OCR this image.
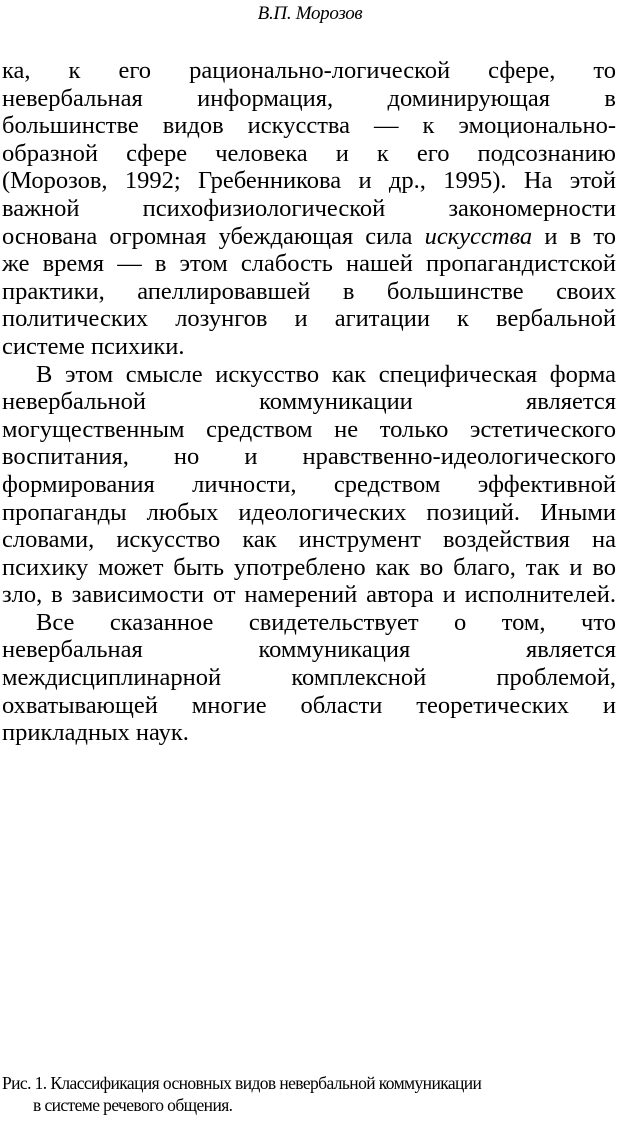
В.П. Морозов
ка, к его рационально-логической сфере, то
невербальная информация, доминирующая в
большинстве видов искусства — к эмоционально-
образной сфере человека и к его подсознанию
(Морозов, 1992; Гребенникова и др., 1995). На этой
важной психофизиологической закономерности
основана огромная убеждающая сила искусства и в то
же время — в этом слабость нашей пропагандистской
практики, апеллировавшей в большинстве своих
политических лозунгов и агитации к вербальной
системе психики.
В этом смысле искусство как специфическая форма
невербальной коммуникации является
могущественным средством не только эстетического
воспитания, но и нравственно-идеологического
формирования личности, средством эффективной
пропаганды любых идеологических позиций. Иными
словами, искусство как инструмент воздействия на
психику может быть употреблено как во благо, так и во
зло, в зависимости от намерений автора и исполнителей.
Все сказанное свидетельствует о том, что
невербальная коммуникация является
междисциплинарной комплексной проблемой,
охватывающей многие области теоретических и
прикладных наук.
Рис. 1. Классификация основных видов невербальной коммуникации
в системе речевого общения.
